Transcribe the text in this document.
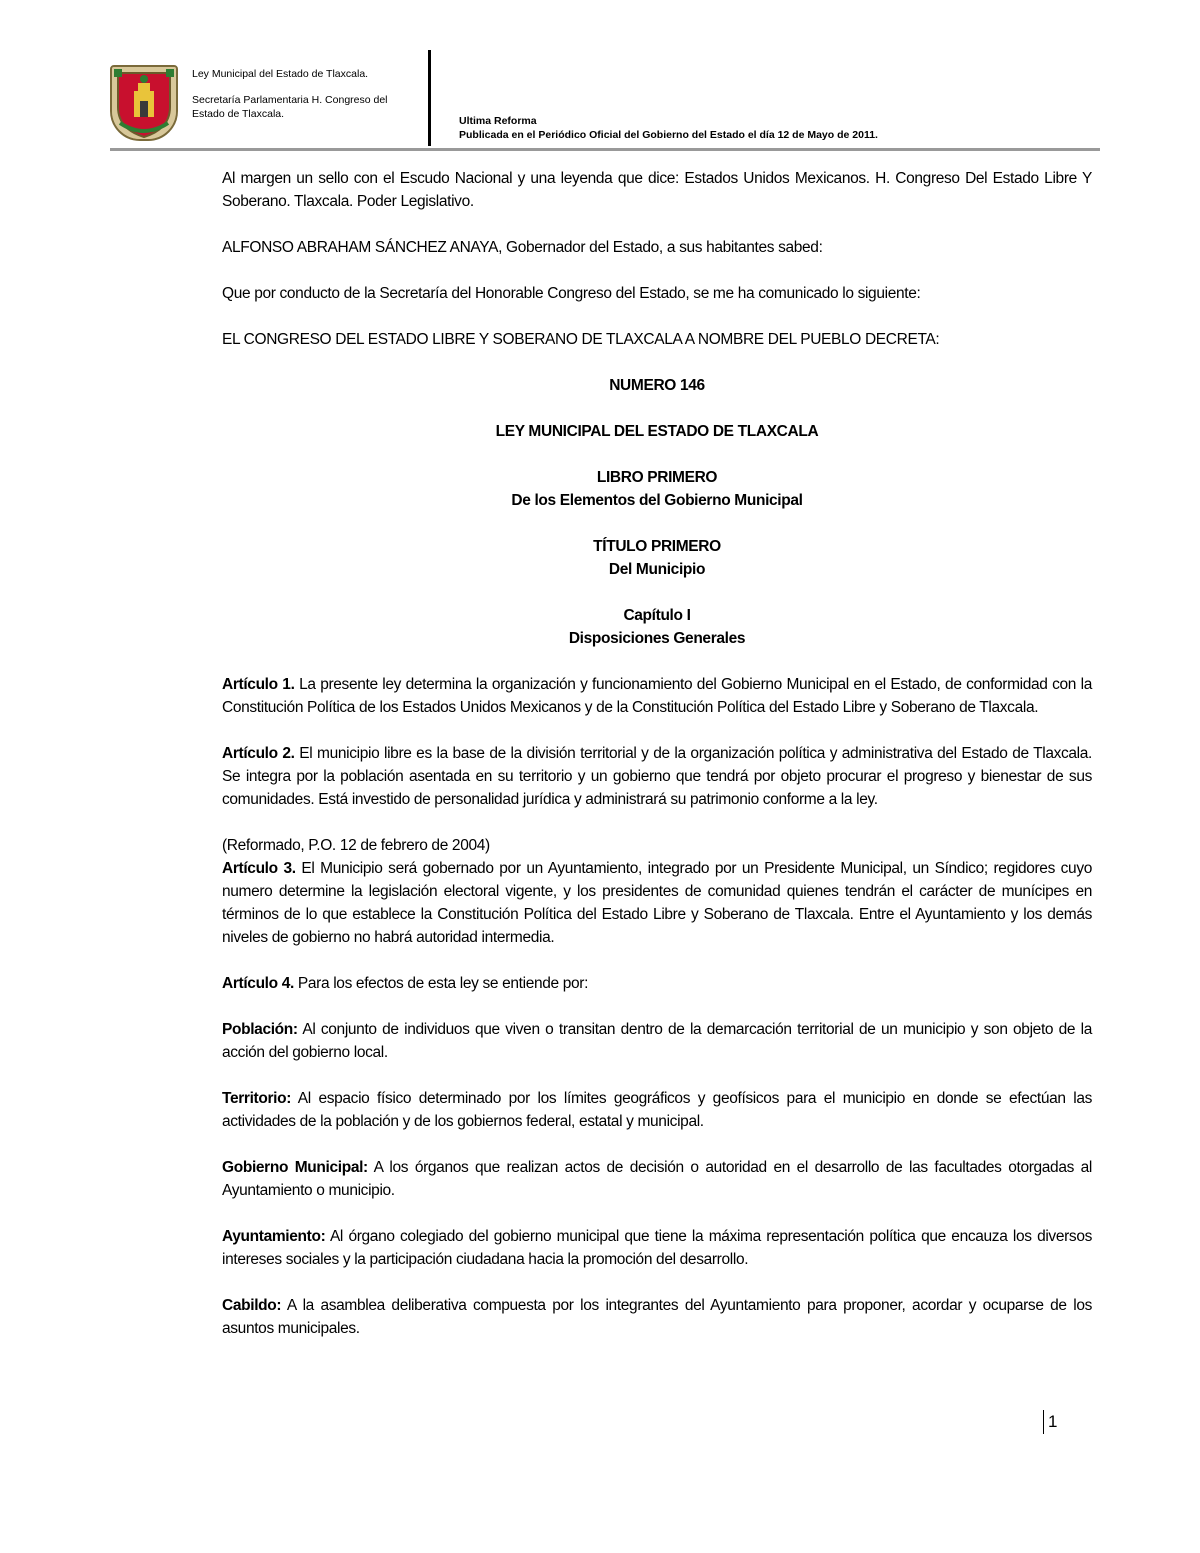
Ley Municipal del Estado de Tlaxcala.
Secretaría Parlamentaria H. Congreso del Estado de Tlaxcala.
Ultima Reforma
Publicada en el Periódico Oficial del Gobierno del Estado el día 12 de Mayo de 2011.

Al margen un sello con el Escudo Nacional y una leyenda que dice: Estados Unidos Mexicanos. H. Congreso Del Estado Libre Y Soberano. Tlaxcala. Poder Legislativo.

ALFONSO ABRAHAM SÁNCHEZ ANAYA, Gobernador del Estado, a sus habitantes sabed:

Que por conducto de la Secretaría del Honorable Congreso del Estado, se me ha comunicado lo siguiente:

EL CONGRESO DEL ESTADO LIBRE Y SOBERANO DE TLAXCALA A NOMBRE DEL PUEBLO DECRETA:

NUMERO 146

LEY MUNICIPAL DEL ESTADO DE TLAXCALA

LIBRO PRIMERO

De los Elementos del Gobierno Municipal

TÍTULO PRIMERO

Del Municipio

Capítulo I

Disposiciones Generales

Artículo 1. La presente ley determina la organización y funcionamiento del Gobierno Municipal en el Estado, de conformidad con la Constitución Política de los Estados Unidos Mexicanos y de la Constitución Política del Estado Libre y Soberano de Tlaxcala.

Artículo 2. El municipio libre es la base de la división territorial y de la organización política y administrativa del Estado de Tlaxcala. Se integra por la población asentada en su territorio y un gobierno que tendrá por objeto procurar el progreso y bienestar de sus comunidades. Está investido de personalidad jurídica y administrará su patrimonio conforme a la ley.

(Reformado, P.O. 12 de febrero de 2004)

Artículo 3. El Municipio será gobernado por un Ayuntamiento, integrado por un Presidente Municipal, un Síndico; regidores cuyo numero determine la legislación electoral vigente, y los presidentes de comunidad quienes tendrán el carácter de munícipes en términos de lo que establece la Constitución Política del Estado Libre y Soberano de Tlaxcala. Entre el Ayuntamiento y los demás niveles de gobierno no habrá autoridad intermedia.

Artículo 4. Para los efectos de esta ley se entiende por:

Población: Al conjunto de individuos que viven o transitan dentro de la demarcación territorial de un municipio y son objeto de la acción del gobierno local.

Territorio: Al espacio físico determinado por los límites geográficos y geofísicos para el municipio en donde se efectúan las actividades de la población y de los gobiernos federal, estatal y municipal.

Gobierno Municipal: A los órganos que realizan actos de decisión o autoridad en el desarrollo de las facultades otorgadas al Ayuntamiento o municipio.

Ayuntamiento: Al órgano colegiado del gobierno municipal que tiene la máxima representación política que encauza los diversos intereses sociales y la participación ciudadana hacia la promoción del desarrollo.

Cabildo: A la asamblea deliberativa compuesta por los integrantes del Ayuntamiento para proponer, acordar y ocuparse de los asuntos municipales.

1
